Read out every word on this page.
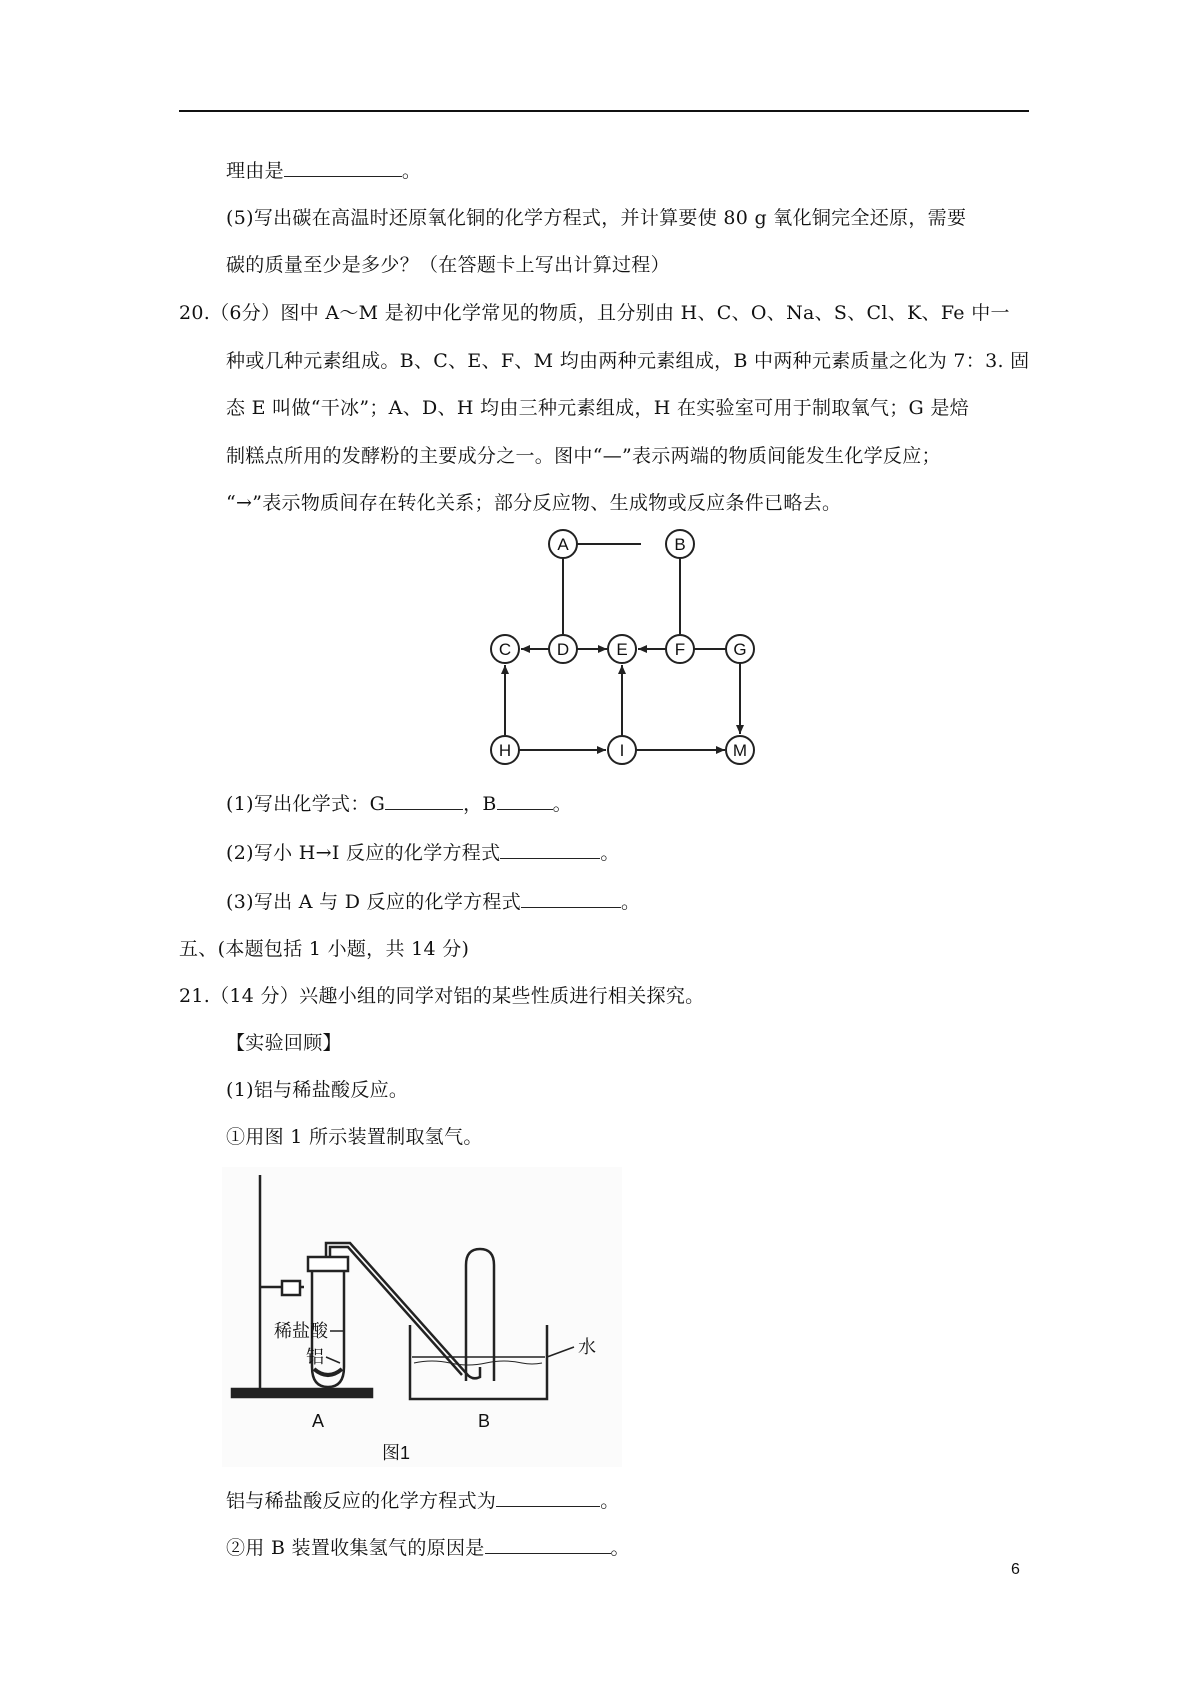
理由是	。
(5)写出碳在高温时还原氧化铜的化学方程式，并计算要使 80 g 氧化铜完全还原，需要
碳的质量至少是多少？（在答题卡上写出计算过程）
20.（6分）图中 A～M 是初中化学常见的物质，且分别由 H、C、O、Na、S、Cl、K、Fe 中一
种或几种元素组成。B、C、E、F、M 均由两种元素组成，B 中两种元素质量之化为 7：3. 固
态 E 叫做“干冰”；A、D、H 均由三种元素组成，H 在实验室可用于制取氧气；G 是焙
制糕点所用的发酵粉的主要成分之一。图中“—”表示两端的物质间能发生化学反应；
“→”表示物质间存在转化关系；部分反应物、生成物或反应条件已略去。
A	B
C	D	E	F	G
H	I	M
(1)写出化学式：G	，B	。
(2)写小 H→I 反应的化学方程式	。
(3)写出 A 与 D 反应的化学方程式	。
五、(本题包括 1 小题，共 14 分)
21.（14 分）兴趣小组的同学对铝的某些性质进行相关探究。
【实验回顾】
(1)铝与稀盐酸反应。
①用图 1 所示装置制取氢气。
稀盐酸
铝	水
A	B
图1
铝与稀盐酸反应的化学方程式为	。
②用 B 装置收集氢气的原因是	。
6
